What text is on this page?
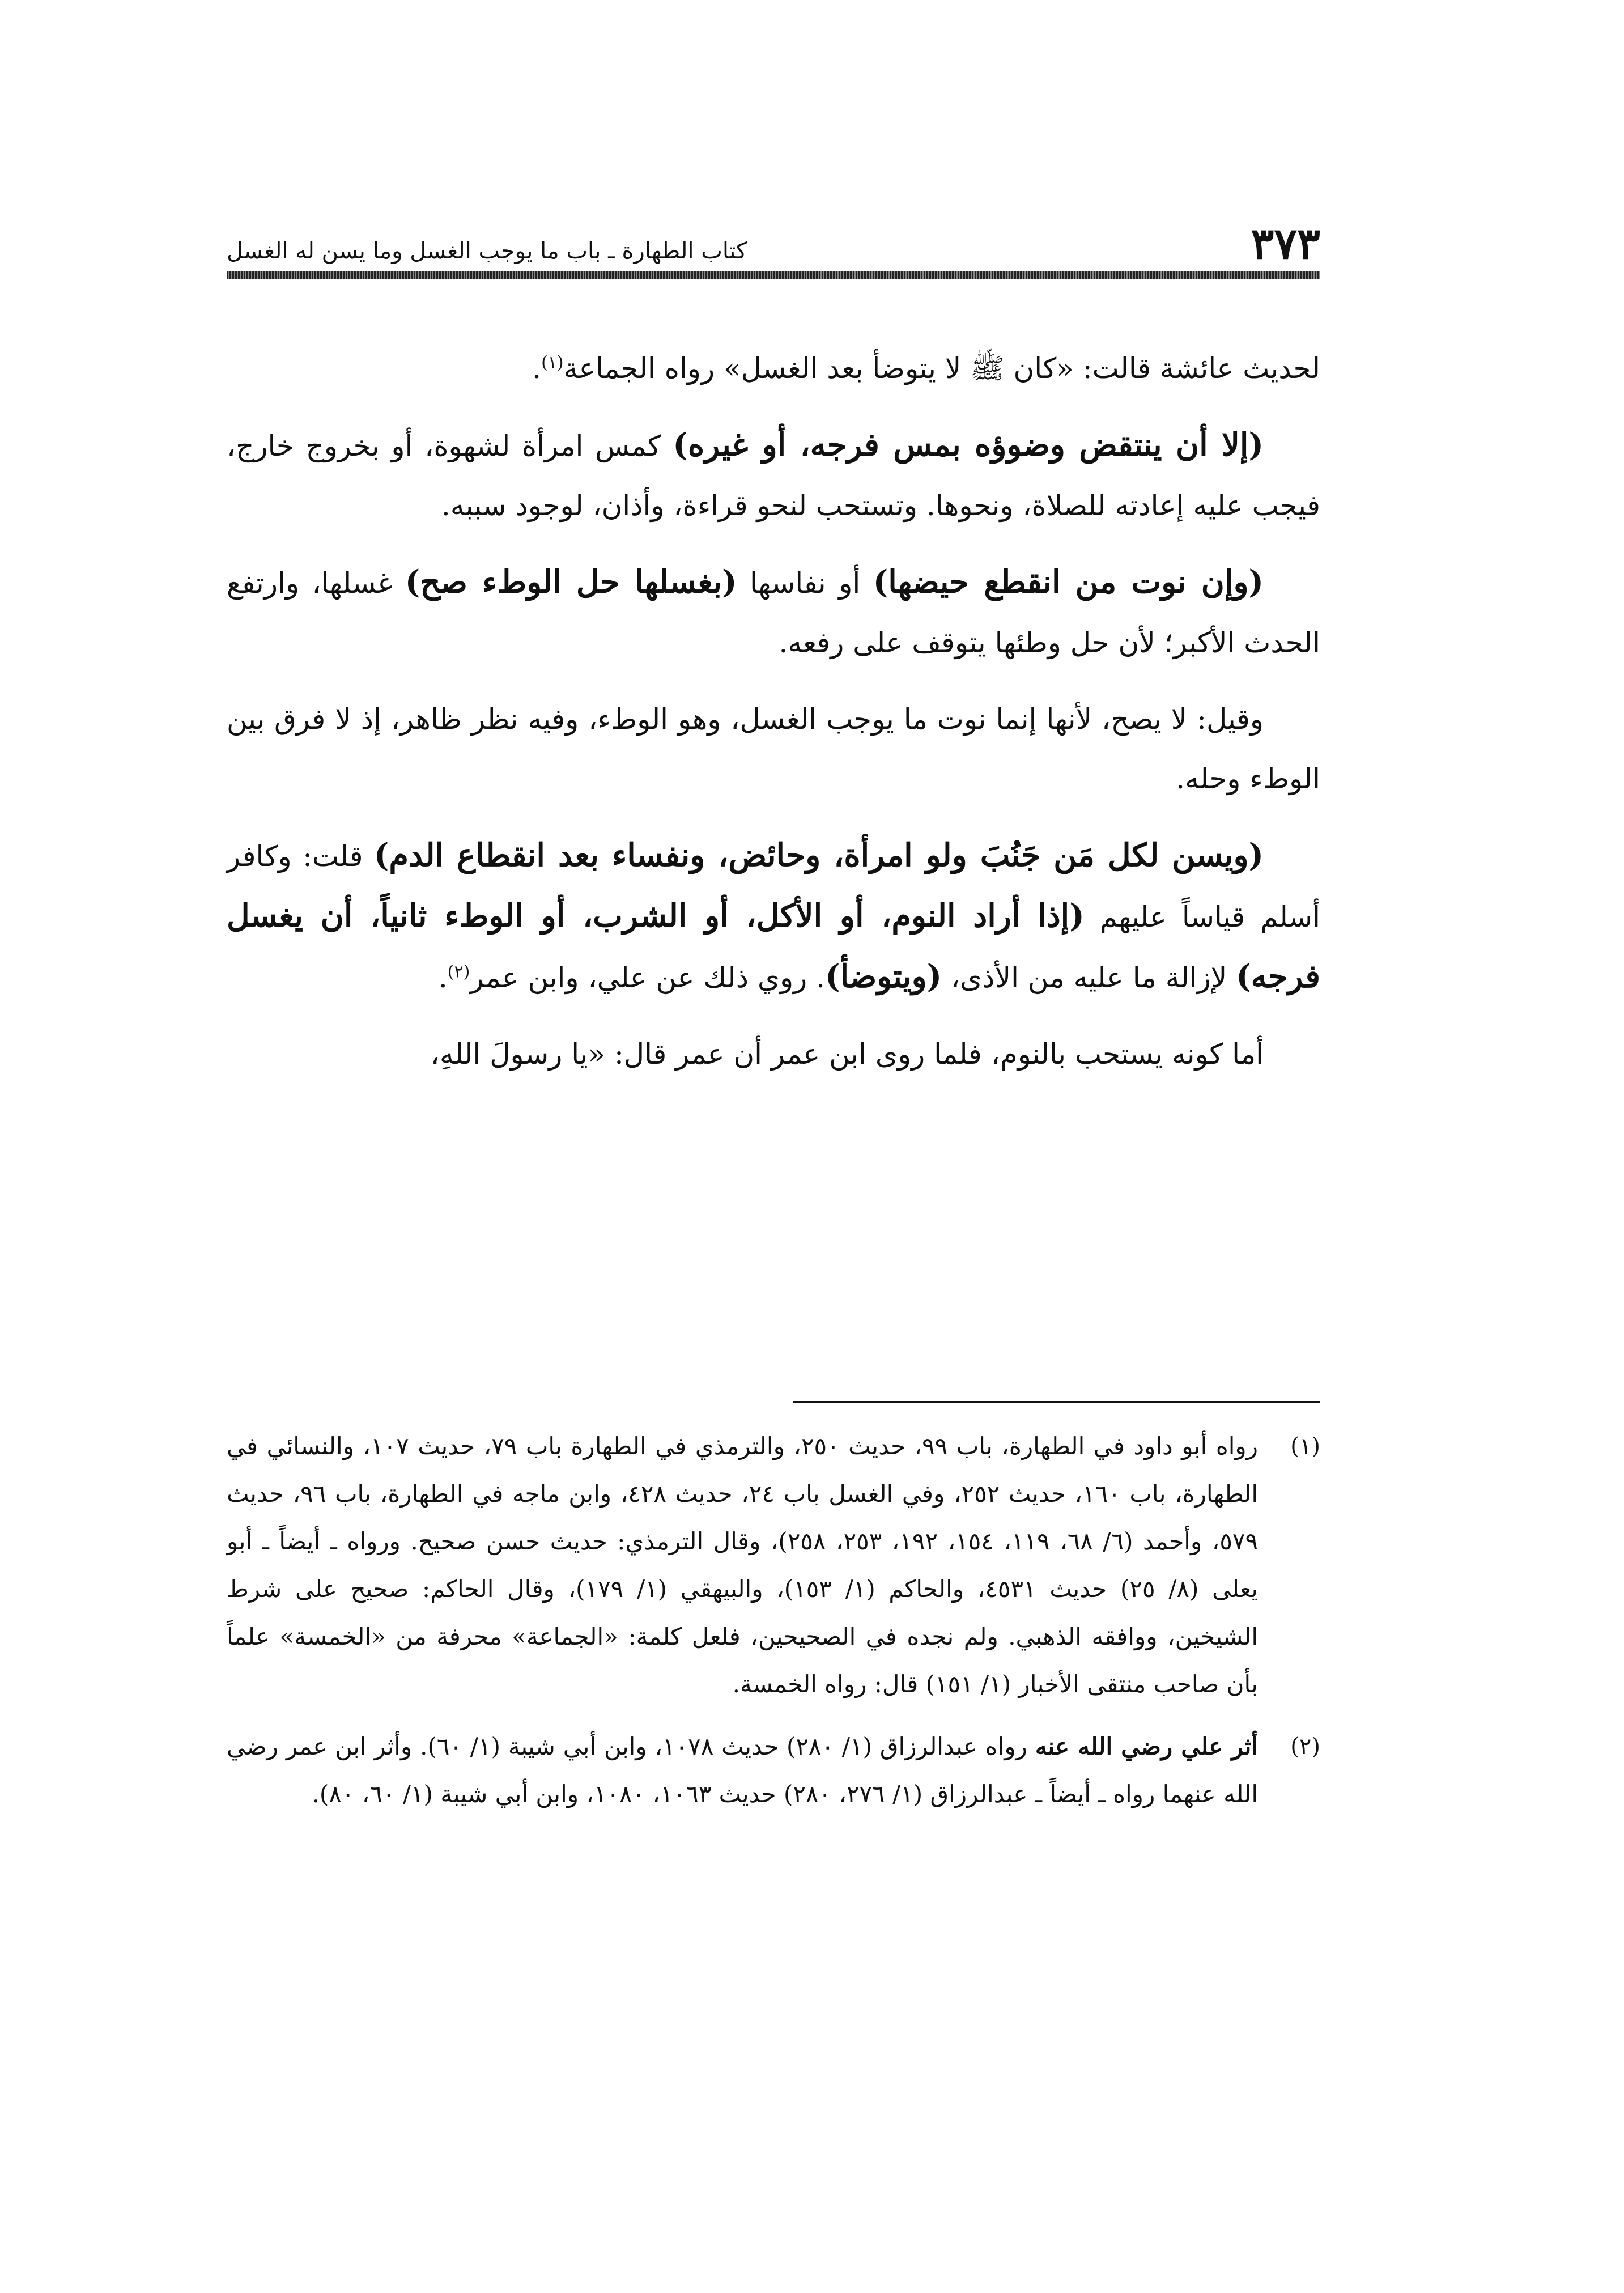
٣٧٣
كتاب الطهارة ـ باب ما يوجب الغسل وما يسن له الغسل

لحديث عائشة قالت: «كان ﷺ لا يتوضأ بعد الغسل» رواه الجماعة$^{(١)}$.

(إلا أن ينتقض وضوؤه بمس فرجه، أو غيره) كمس امرأة لشهوة، أو بخروج خارج، فيجب عليه إعادته للصلاة، ونحوها. وتستحب لنحو قراءة، وأذان، لوجود سببه.

(وإن نوت من انقطع حيضها) أو نفاسها (بغسلها حل الوطء صح) غسلها، وارتفع الحدث الأكبر؛ لأن حل وطئها يتوقف على رفعه.

وقيل: لا يصح، لأنها إنما نوت ما يوجب الغسل، وهو الوطء، وفيه نظر ظاهر، إذ لا فرق بين الوطء وحله.

(ويسن لكل مَن جَنُبَ ولو امرأة، وحائض، ونفساء بعد انقطاع الدم) قلت: وكافر أسلم قياساً عليهم (إذا أراد النوم، أو الأكل، أو الشرب، أو الوطء ثانياً، أن يغسل فرجه) لإزالة ما عليه من الأذى، (ويتوضأ). روي ذلك عن علي، وابن عمر$^{(٢)}$.

أما كونه يستحب بالنوم، فلما روى ابن عمر أن عمر قال: «يا رسولَ اللهِ،

(١)
رواه أبو داود في الطهارة، باب ٩٩، حديث ٢٥٠، والترمذي في الطهارة باب ٧٩، حديث ١٠٧، والنسائي في الطهارة، باب ١٦٠، حديث ٢٥٢، وفي الغسل باب ٢٤، حديث ٤٢٨، وابن ماجه في الطهارة، باب ٩٦، حديث ٥٧٩، وأحمد (٦/ ٦٨، ١١٩، ١٥٤، ١٩٢، ٢٥٣، ٢٥٨)، وقال الترمذي: حديث حسن صحيح. ورواه ـ أيضاً ـ أبو يعلى (٨/ ٢٥) حديث ٤٥٣١، والحاكم (١/ ١٥٣)، والبيهقي (١/ ١٧٩)، وقال الحاكم: صحيح على شرط الشيخين، ووافقه الذهبي. ولم نجده في الصحيحين، فلعل كلمة: «الجماعة» محرفة من «الخمسة» علماً بأن صاحب منتقى الأخبار (١/ ١٥١) قال: رواه الخمسة.
(٢)
أثر علي رضي الله عنه رواه عبدالرزاق (١/ ٢٨٠) حديث ١٠٧٨، وابن أبي شيبة (١/ ٦٠). وأثر ابن عمر رضي الله عنهما رواه ـ أيضاً ـ عبدالرزاق (١/ ٢٧٦، ٢٨٠) حديث ١٠٦٣، ١٠٨٠، وابن أبي شيبة (١/ ٦٠، ٨٠).
